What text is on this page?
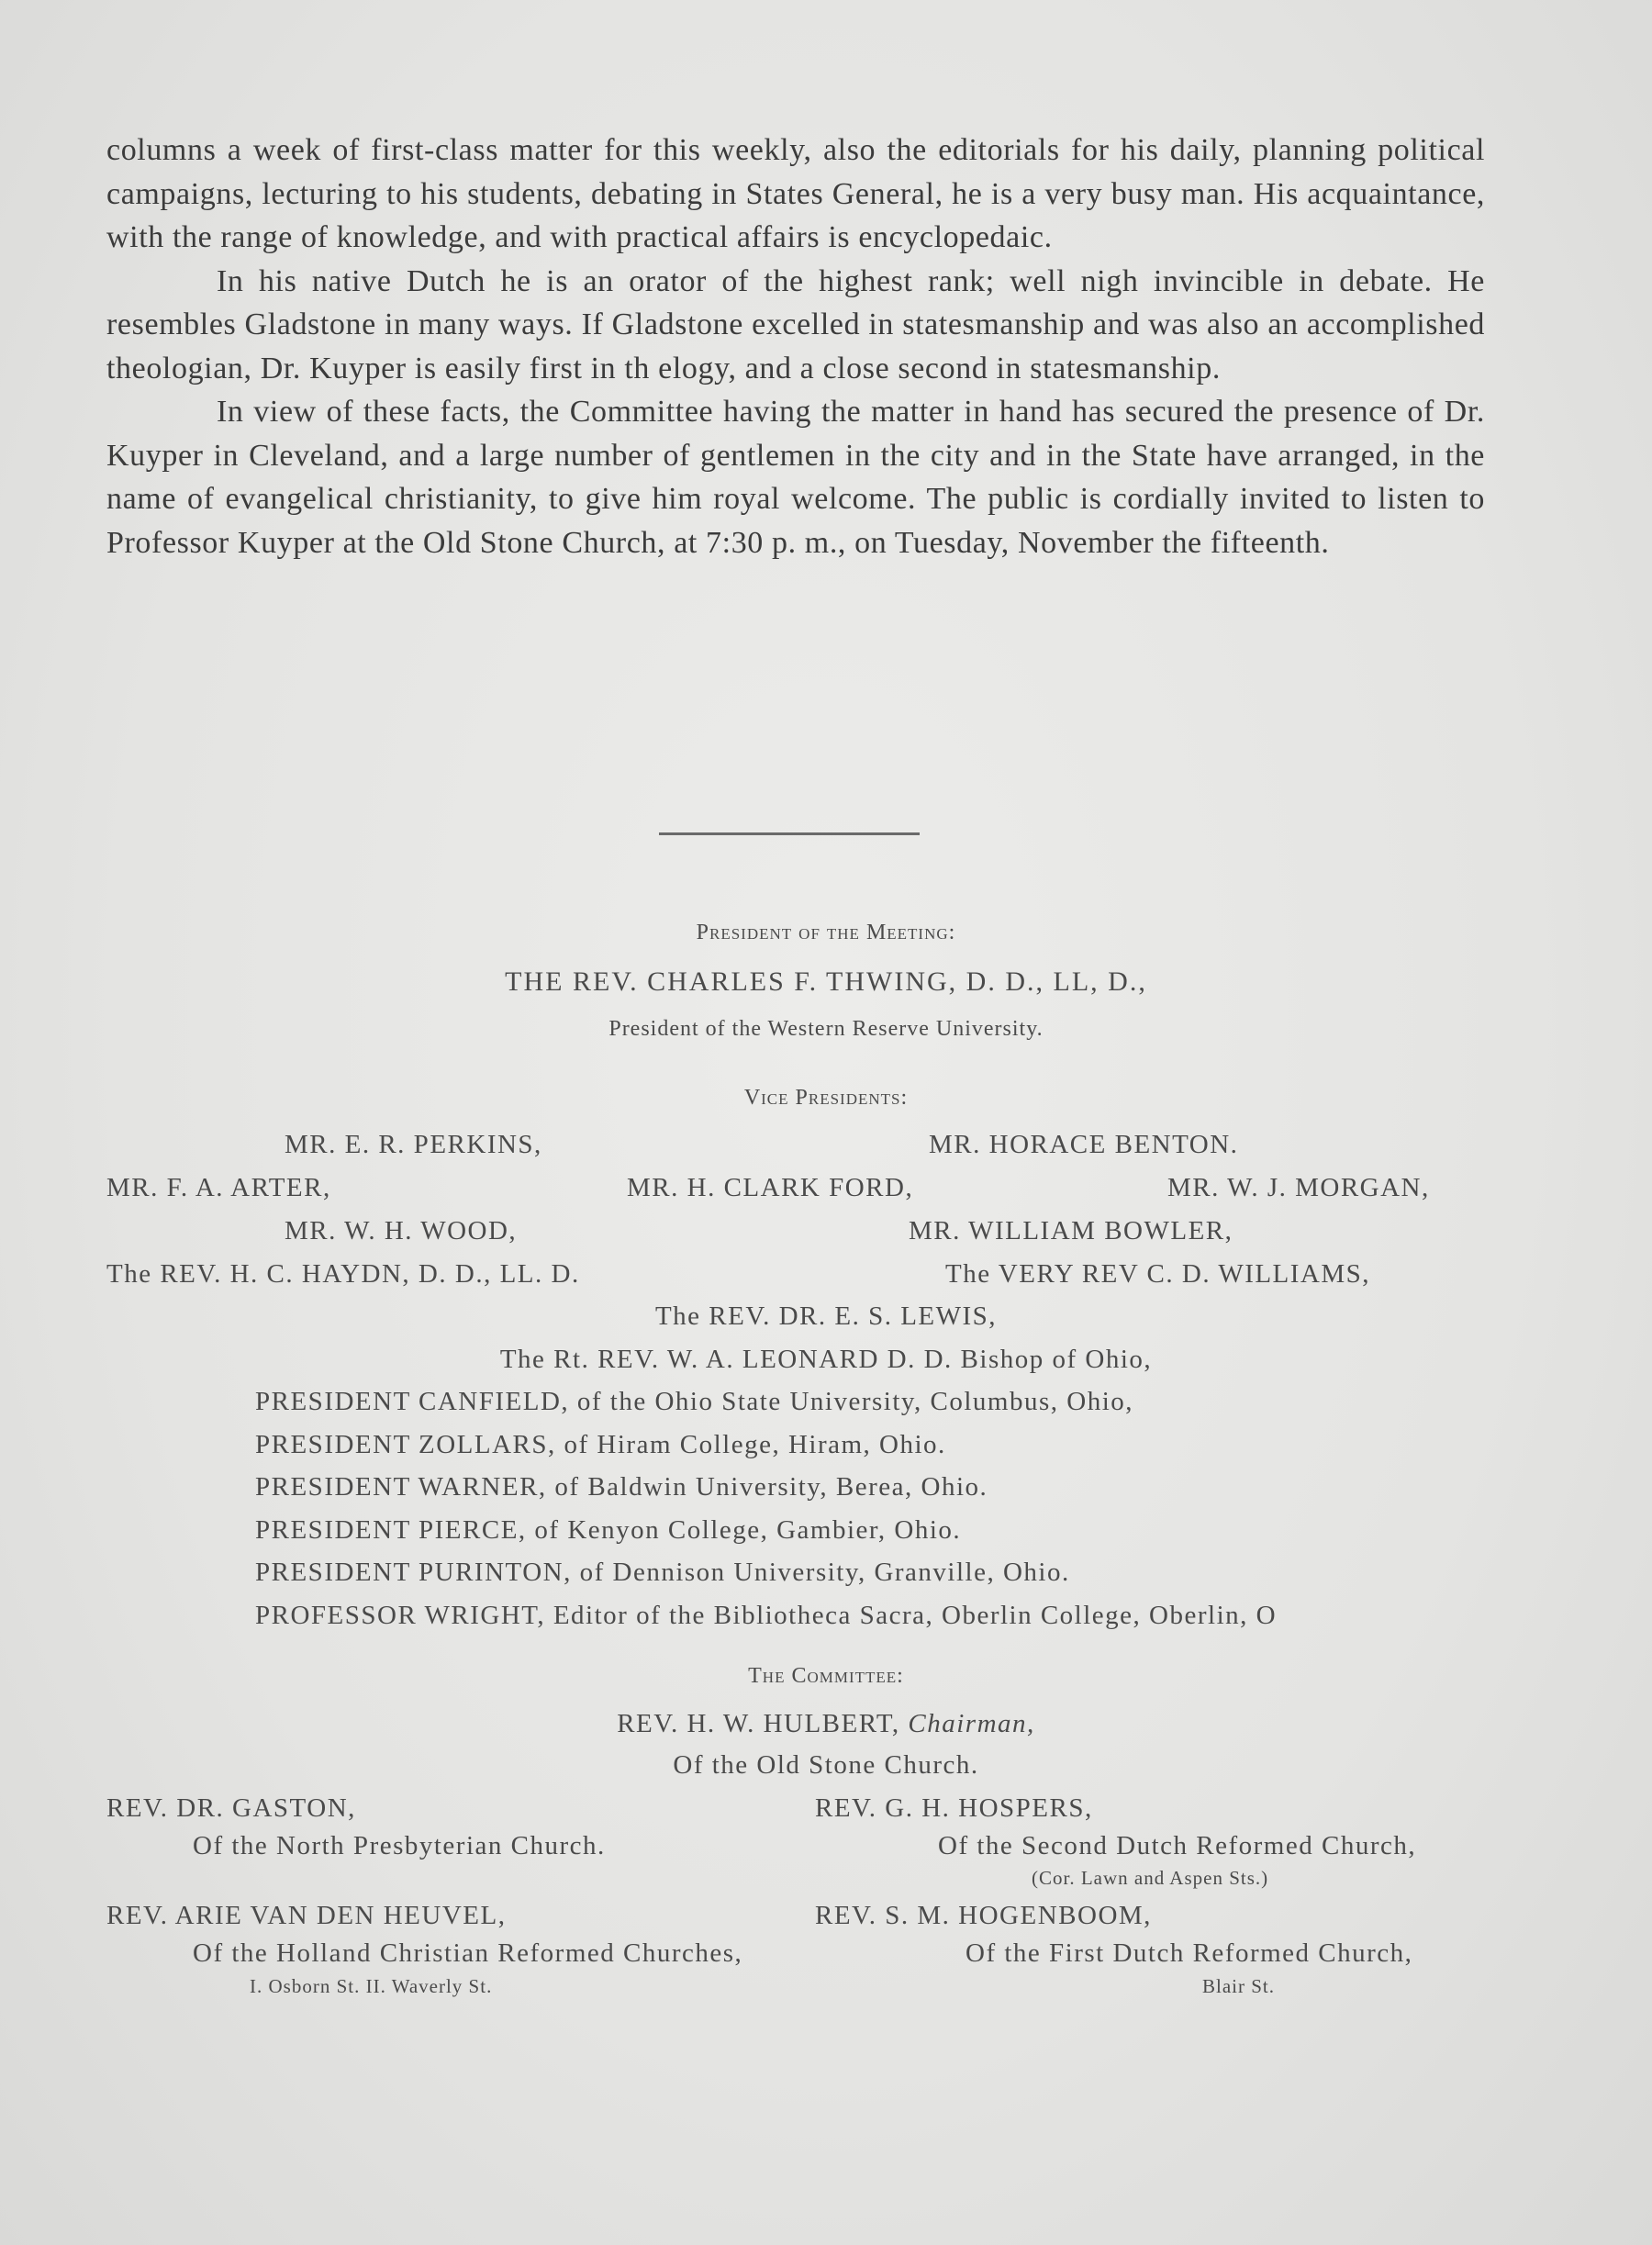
columns a week of first-class matter for this weekly, also the editorials for his daily, planning political campaigns, lecturing to his students, debating in States General, he is a very busy man. His acquaintance, with the range of knowledge, and with practical affairs is encyclopedaic.

In his native Dutch he is an orator of the highest rank; well nigh invincible in debate. He resembles Gladstone in many ways. If Gladstone excelled in statesmanship and was also an accomplished theologian, Dr. Kuyper is easily first in th elogy, and a close second in statesmanship.

In view of these facts, the Committee having the matter in hand has secured the presence of Dr. Kuyper in Cleveland, and a large number of gentlemen in the city and in the State have arranged, in the name of evangelical christianity, to give him royal welcome. The public is cordially invited to listen to Professor Kuyper at the Old Stone Church, at 7:30 p. m., on Tuesday, November the fifteenth.

President of the Meeting:
THE REV. CHARLES F. THWING, D. D., LL, D.,
President of the Western Reserve University.
Vice Presidents:
MR. E. R. PERKINS,	MR. HORACE BENTON.
MR. F. A. ARTER,	MR. H. CLARK FORD,	MR. W. J. MORGAN,
MR. W. H. WOOD,	MR. WILLIAM BOWLER,
The REV. H. C. HAYDN, D. D., LL. D.	The VERY REV C. D. WILLIAMS,
The REV. DR. E. S. LEWIS,
The Rt. REV. W. A. LEONARD D. D. Bishop of Ohio,
PRESIDENT CANFIELD, of the Ohio State University, Columbus, Ohio,
PRESIDENT ZOLLARS, of Hiram College, Hiram, Ohio.
PRESIDENT WARNER, of Baldwin University, Berea, Ohio.
PRESIDENT PIERCE, of Kenyon College, Gambier, Ohio.
PRESIDENT PURINTON, of Dennison University, Granville, Ohio.
PROFESSOR WRIGHT, Editor of the Bibliotheca Sacra, Oberlin College, Oberlin, O
The Committee:
REV. H. W. HULBERT, Chairman,
Of the Old Stone Church.
REV. DR. GASTON,	REV. G. H. HOSPERS,
Of the North Presbyterian Church.	Of the Second Dutch Reformed Church,
(Cor. Lawn and Aspen Sts.)
REV. ARIE VAN DEN HEUVEL,	REV. S. M. HOGENBOOM,
Of the Holland Christian Reformed Churches,	Of the First Dutch Reformed Church,
I. Osborn St. II. Waverly St.	Blair St.
